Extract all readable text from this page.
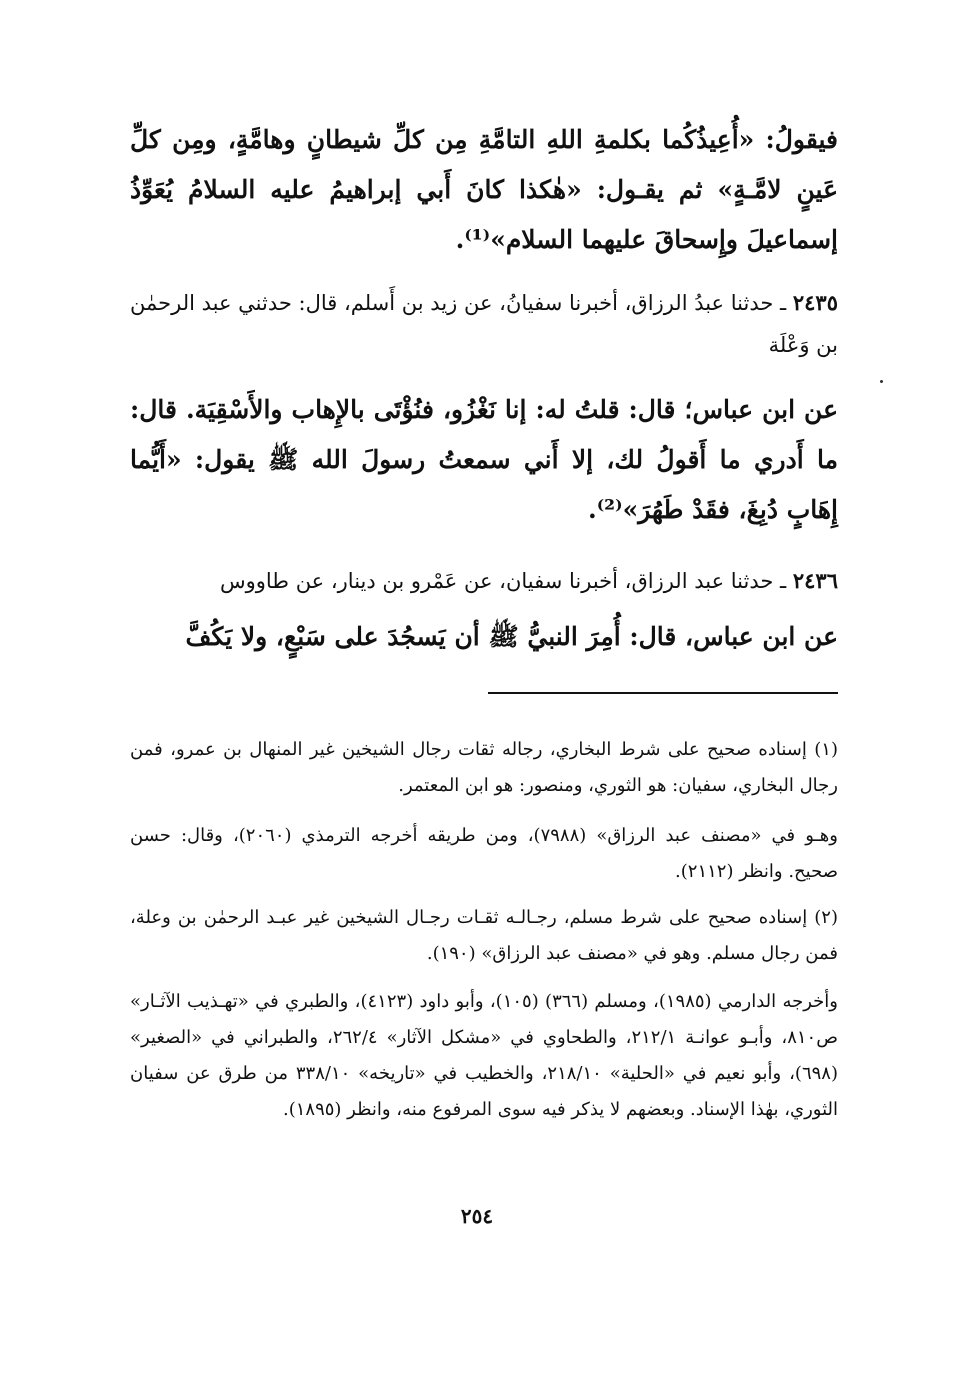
فيقولُ: «أُعِيذُكُما بكلمةِ اللهِ التامَّةِ مِن كلِّ شيطانٍ وهامَّةٍ، ومِن كلِّ عَينٍ لامَّـةٍ» ثم يقـول: «هٰكذا كانَ أَبي إبراهيمُ عليه السلامُ يُعَوِّذُ إسماعيلَ وإِسحاقَ عليهما السلام»⁽¹⁾.
٢٤٣٥ ـ حدثنا عبدُ الرزاق، أخبرنا سفيانُ، عن زيد بن أَسلم، قال: حدثني عبد الرحمٰن بن وَعْلَة
عن ابن عباس؛ قال: قلتُ له: إنا نَغْزُو، فنُؤْتَى بالإِهاب والأَسْقِيَة. قال: ما أَدري ما أَقولُ لك، إلا أَني سمعتُ رسولَ الله ﷺ يقول: «أَيُّما إِهَابٍ دُبِغَ، فقَدْ طَهُرَ»⁽²⁾.
٢٤٣٦ ـ حدثنا عبد الرزاق، أخبرنا سفيان، عن عَمْرو بن دينار، عن طاووس
عن ابن عباس، قال: أُمِرَ النبيُّ ﷺ أن يَسجُدَ على سَبْعٍ، ولا يَكُفَّ
(١) إسناده صحيح على شرط البخاري، رجاله ثقات رجال الشيخين غير المنهال بن عمرو، فمن رجال البخاري، سفيان: هو الثوري، ومنصور: هو ابن المعتمر.
وهـو في «مصنف عبد الرزاق» (٧٩٨٨)، ومن طريقه أخرجه الترمذي (٢٠٦٠)، وقال: حسن صحيح. وانظر (٢١١٢).
(٢) إسناده صحيح على شرط مسلم، رجـالـه ثقـات رجـال الشيخين غير عبـد الرحمٰن بن وعلة، فمن رجال مسلم. وهو في «مصنف عبد الرزاق» (١٩٠).
وأخرجه الدارمي (١٩٨٥)، ومسلم (٣٦٦) (١٠٥)، وأبو داود (٤١٢٣)، والطبري في «تهـذيب الآثـار» ص٨١٠، وأبـو عوانـة ٢١٢/١، والطحاوي في «مشكل الآثار» ٢٦٢/٤، والطبراني في «الصغير» (٦٩٨)، وأبو نعيم في «الحلية» ٢١٨/١٠، والخطيب في «تاريخه» ٣٣٨/١٠ من طرق عن سفيان الثوري، بهٰذا الإسناد. وبعضهم لا يذكر فيه سوى المرفوع منه، وانظر (١٨٩٥).
٢٥٤
